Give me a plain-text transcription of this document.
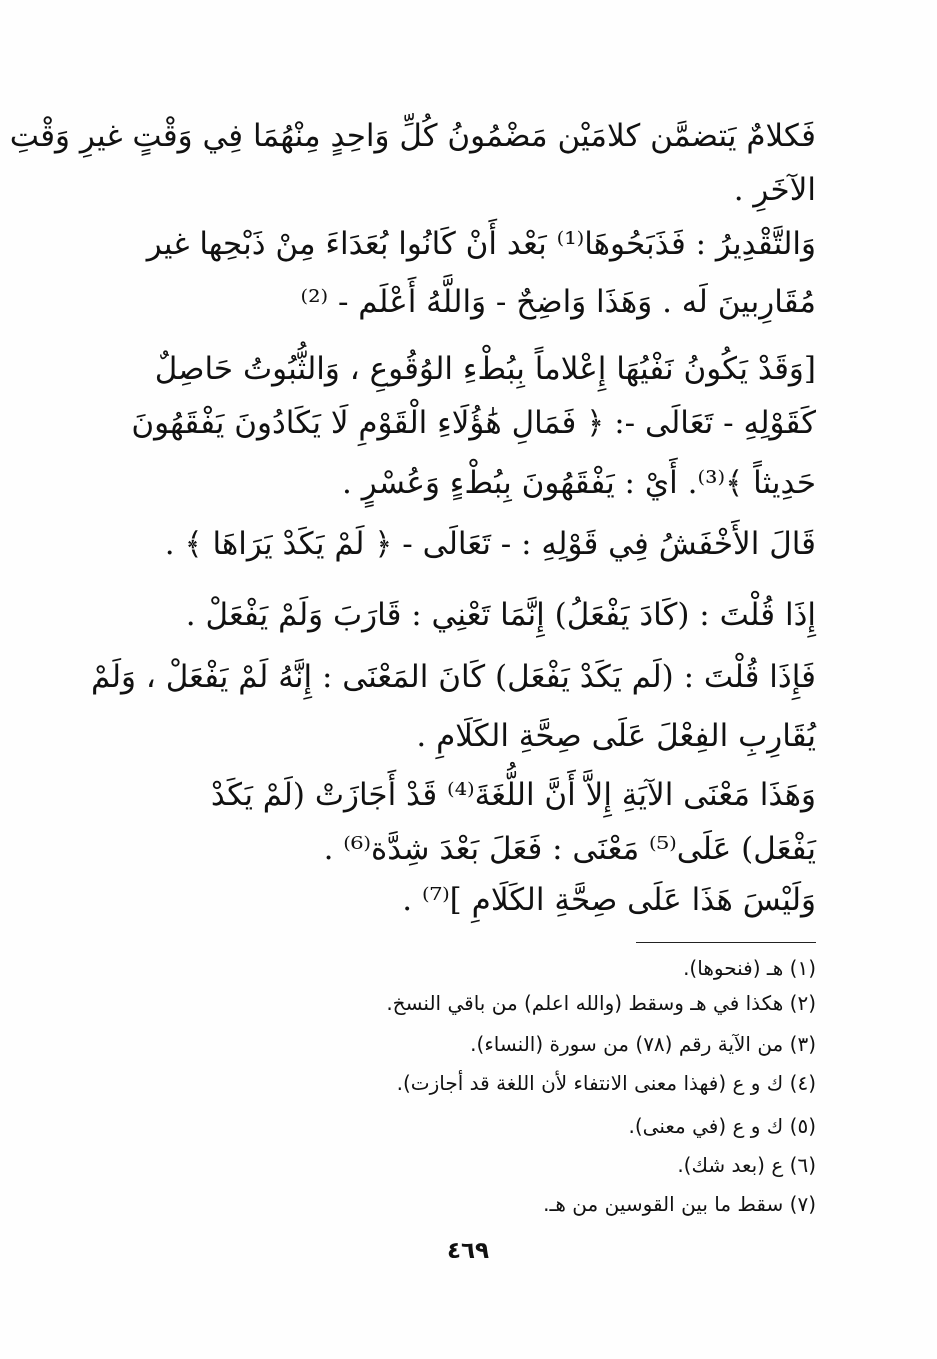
فَكلامٌ يَتضمَّن كلامَيْن مَضْمُونُ كُلِّ وَاحِدٍ مِنْهُمَا فِي وَقْتٍ غيرِ وَقْتِ
الآخَرِ .
وَالتَّقْدِيرُ : فَذَبَحُوهَا⁽¹⁾ بَعْد أَنْ كَانُوا بُعَدَاءَ مِنْ ذَبْحِها غير
مُقَارِبينَ لَه . وَهَذَا وَاضِحٌ - وَاللَّهُ أَعْلَم - ⁽²⁾
[وَقَدْ يَكُونُ نَفْيُهَا إِعْلاماً بِبُطْءِ الوُقُوعِ ، وَالثُّبُوتُ حَاصِلٌ
كَقَوْلِهِ - تَعَالَى -: ﴿ فَمَالِ هَٰؤُلَاءِ الْقَوْمِ لَا يَكَادُونَ يَفْقَهُونَ
حَدِيثاً ﴾⁽³⁾. أَيْ : يَفْقَهُونَ بِبُطْءٍ وَعُسْرٍ .
قَالَ الأَخْفَشُ فِي قَوْلِهِ : - تَعَالَى - ﴿ لَمْ يَكَدْ يَرَاهَا ﴾ .
إِذَا قُلْتَ : (كَادَ يَفْعَلُ) إِنَّمَا تَعْنِي : قَارَبَ وَلَمْ يَفْعَلْ .
فَإِذَا قُلْتَ : (لَم يَكَدْ يَفْعَل) كَانَ المَعْنَى : إِنَّهُ لَمْ يَفْعَلْ ، وَلَمْ
يُقَارِبِ الفِعْلَ عَلَى صِحَّةِ الكَلَامِ .
وَهَذَا مَعْنَى الآيَةِ إِلاَّ أَنَّ اللُّغَةَ⁽⁴⁾ قَدْ أَجَازَتْ (لَمْ يَكَدْ
يَفْعَل) عَلَى⁽⁵⁾ مَعْنَى : فَعَلَ بَعْدَ شِدَّة⁽⁶⁾ .
وَلَيْسَ هَذَا عَلَى صِحَّةِ الكَلَامِ ]⁽⁷⁾ .
(١) هـ (فنحوها).
(٢) هكذا في هـ وسقط (والله اعلم) من باقي النسخ.
(٣) من الآية رقم (٧٨) من سورة (النساء).
(٤) ك و ع (فهذا معنى الانتفاء لأن اللغة قد أجازت).
(٥) ك و ع (في معنى).
(٦) ع (بعد شك).
(٧) سقط ما بين القوسين من هـ.
٤٦٩
